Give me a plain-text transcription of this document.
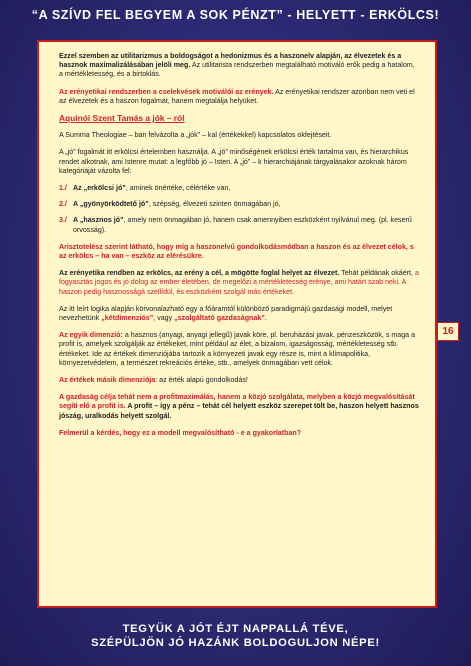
“A SZÍVD FEL BEGYEM A SOK PÉNZT” - HELYETT - ERKÖLCS!

Ezzel szemben az utilitarizmus a boldogságot a hedonizmus és a haszonelv alapján, az élvezetek és a hasznok maximalizálásában jelöli meg. Az utilitarista rendszerben megtalálható motiváló erők pedig a hatalom, a mértékletesség, és a birtoklás.

Az erényetikai rendszerben a cselekvések motiválói az erények. Az erényetikai rendszer azonban nem veti el az élvezetek és a haszon fogalmát, hanem megtalálja helyüket.

Aquinói Szent Tamás a jók – ról

A Summa Theologiae – ban felvázolta a „jók” – kal (értékekkel) kapcsolatos okfejtéseit.

A „jó” fogalmát itt erkölcsi értelemben használja. A „jó” minőségének erkölcsi érték tartalma van, és hierarchikus rendet alkotnak, ami Istenre mutat: a legfőbb jó – Isten. A „jó” – k hierarchiájának tárgyalásakor azoknak három kategóriáját vázolta fel:

1./ Az „erkölcsi jó”, aminek önértéke, célértéke van,
2./ A „gyönyörködtető jó”, szépség, élvezeti szinten önmagában jó,
3./ A „hasznos jó”, amely nem önmagában jó, hanem csak amennyiben eszközként nyilvánul meg. (pl. keserű orvosság).

Arisztotelész szerint látható, hogy míg a haszonelvű gondolkodásmódban a haszon és az élvezet célok, s az erkölcs – ha van – eszköz az elérésükre.

Az erényetika rendben az erkölcs, az erény a cél, a mögötte foglal helyet az élvezet. Tehát példának okáért, a fogyasztás jogos és jó dolog az ember életében, de megelőzi a mértékletesség erénye, ami határt szab neki. A haszon pedig hasznosságá szellídül, és eszközként szolgál más értékeket.

Az itt leírt logika alapján körvonalazható egy a főáramtól különböző paradigmájú gazdasági modell, melyet nevezhetünk „kétdimenziós”, vagy „szolgáltató gazdaságnak”.

Az egyik dimenzió: a hasznos (anyagi, anyagi jellegű) javak köre, pl. beruházási javak, pénzeszközök, s maga a profit is, amelyek szolgálják az értékeket, mint például az élet, a bizalom, igazságosság, mértékletesség stb. értékeket. Ide az értékek dimenziójába tartozik a környezeti javak egy része is, mint a klímapolitika, környezetvédelem, a természet rekreációs értéke, stb., amelyek önmagában vett célok.

Az értékek másik dimenziója: az érték alapú gondolkodás!

A gazdaság célja tehát nem a profitmaximálás, hanem a közjó szolgálata, melyben a közjó megvalósítását segíti elő a profit is. A profit – így a pénz – tehát cél helyett eszköz szerepet tölt be, haszon helyett hasznos jószág, uralkodás helyett szolgál.

Felmerül a kérdés, hogy ez a modell megvalósítható - e a gyakorlatban?

16
TEGYÜK A JÓT ÉJT NAPPALLÁ TÉVE,
SZÉPÜLJÖN JÓ HAZÁNK BOLDOGULJON NÉPE!
